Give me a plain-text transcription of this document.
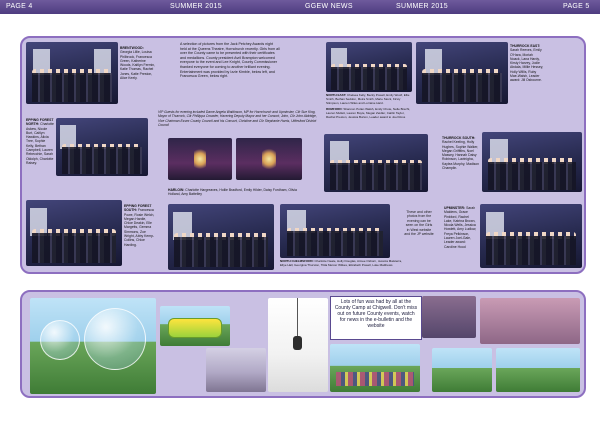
PAGE 4	SUMMER 2015	GGEW NEWS	SUMMER 2015	PAGE 5
BRENTWOOD: Georgia Lillie, Louisa Philbrook, Francesca Green, Katherine Woods, Kaitlyn Fermin, Katie Thomas, Rachel Jones, Katie Preston, Alice Keely.
A selection of pictures from the Jack Petchey Awards night held at the Queens Theatre, Hornchurch recently. Girls from all over the County came to be presented with their certificates and medallions. County president Avril Brampton welcomed everyone to the event and Lee Knight, County Commissioner thanked everyone for coming to another brilliant evening. Entertainment was provided by Izzie Kimble, below left, and Francesca Green, below right.
NORTH EAST: Chelsea Kelly, Becky Powell, Emily Woolf, Ellie Smith, Bethan Seddon, Moira Smith, Marie Stock, Kirsty Stimpson, Lauren Wiles and Lorraine Hard.
THURROCK EAST: Sarah Reeves, Emily O'Hara, Moriah Noack, Lana Hardy, Kirsty Harvey, Jodie Abdala, Millie Hessey, Holly Willis, Ruby Mae-Walsh, Leader award: Jill Osbourne.
EPPING FOREST NORTH: Charlotte Askew, Nicole Burt, Caitlyn Hawkins, Alicia Tree, Sophie Kelly, Bethan Campbell, Lauren Rebecchie, Sarah Oldolph, Charlotte Raisey.
VIP Guests for evening included Dame Angela Watkinson, MP for Hornchurch and Upminster, Cllr Sue King, Mayor of Thurrock, Cllr Phillippa Crowder, Havering Deputy Mayor and her Consort, John, Cllr John Aldridge, Vice Chairman Essex County Council and his Consort, Christine and Cllr Stephanie Harris, Uttlesford District Council
ROMFORD: Shannon Potter-Walsh, Emily Chote, Nelle Brecht, Lauren Mullett, Lauren Boyle, Megan Zeidler, Caitlin Taylor, Rachel Preston, Jessica Burton, Leader award to Joel Ross
THURROCK SOUTH: Rachel Keeling, Holly Hughes, Sophie Walker, Megan Griffiths, Noel Massey, Hannah Daisy Robinson, Lavinigha, Kaylea Murphy, Madison Champlin.
HARLOW: Charlotte Hargreaves, Hollie Bradford, Emily Hilder, Daisy Fordham, Olivia Holland, Amy Battelley
EPPING FOREST SOUTH: Francesca Powe, Rosie Welch, Megan Hardie, Chloe Deakin, Elle Margetts, Gemma Simmons, Zoe Wright, Abby Kemp-Collins, Chloe Harding.
NORTH CHELMSFORD: Charlotte Neale, Holly Douglas, Aimee Osborn, Jessica Maisterra, Ellye Hall, Georgina Thurston, Tilda Mercer Wilkes, Elizabeth Powell, Luke Matthews
These and other photos from the evening can be seen on the Girls in West website and the JP website
UPMINSTER: Sarah Maidens, Grace Pinkford, Rachel Lake, Katrina Brown, Nicola Wells, Jessica Howlett, Amy Ludlow, Freya Pelkinson, Lauren Joel-Gale, Leader award: Caroline Hood
Lots of fun was had by all at the County Camp at Chigwell. Don't miss out on future County events, watch for news in the e-bulletin and the website
